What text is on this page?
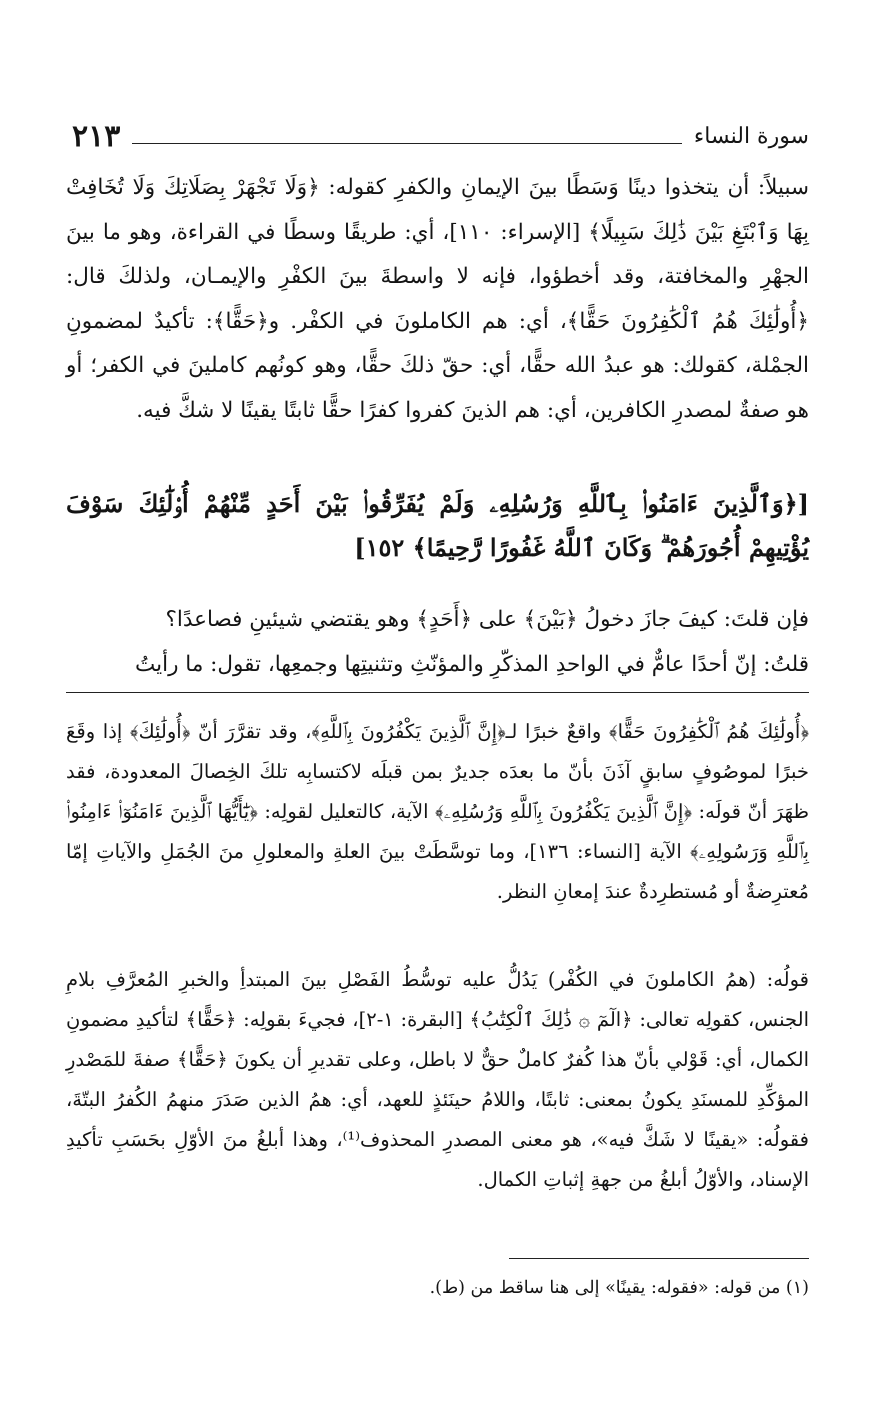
٢١٣	سورة النساء

سبيلاً: أن يتخذوا دينًا وَسَطًا بينَ الإيمانِ والكفرِ كقوله: ﴿وَلَا تَجْهَرْ بِصَلَاتِكَ وَلَا تُخَافِتْ بِهَا وَٱبْتَغِ بَيْنَ ذَٰلِكَ سَبِيلًا﴾ [الإسراء: ١١٠]، أي: طريقًا وسطًا في القراءة، وهو ما بينَ الجهْرِ والمخافتة، وقد أخطؤوا، فإنه لا واسطةَ بينَ الكفْرِ والإيمـان، ولذلكَ قال: ﴿أُولَٰئِكَ هُمُ ٱلْكَٰفِرُونَ حَقًّا﴾، أي: هم الكاملونَ في الكفْر. و﴿حَقًّا﴾: تأكيدٌ لمضمونِ الجمْلة، كقولك: هو عبدُ الله حقًّا، أي: حقّ ذلكَ حقًّا، وهو كونُهم كاملينَ في الكفر؛ أو هو صفةٌ لمصدرِ الكافرين، أي: هم الذينَ كفروا كفرًا حقًّا ثابتًا يقينًا لا شكَّ فيه.

[﴿وَٱلَّذِينَ ءَامَنُوا۟ بِٱللَّهِ وَرُسُلِهِۦ وَلَمْ يُفَرِّقُوا۟ بَيْنَ أَحَدٍ مِّنْهُمْ أُو۟لَٰٓئِكَ سَوْفَ يُؤْتِيهِمْ أُجُورَهُمْ ۗ وَكَانَ ٱللَّهُ غَفُورًا رَّحِيمًا﴾ ١٥٢]

فإن قلتَ: كيفَ جازَ دخولُ ﴿بَيْنَ﴾ على ﴿أَحَدٍ﴾ وهو يقتضي شيئينِ فصاعدًا؟

قلتُ: إنّ أحدًا عامٌّ في الواحدِ المذكّرِ والمؤنّثِ وتثنيتِها وجمعِها، تقول: ما رأيتُ

﴿أُولَٰئِكَ هُمُ ٱلْكَٰفِرُونَ حَقًّا﴾ واقعٌ خبرًا لـ﴿إِنَّ ٱلَّذِينَ يَكْفُرُونَ بِٱللَّهِ﴾، وقد تقرَّرَ أنّ ﴿أُولَٰئِكَ﴾ إذا وقَعَ خبرًا لموصُوفٍ سابقٍ آذَنَ بأنّ ما بعدَه جديرٌ بمن قبلَه لاكتسابِه تلكَ الخِصالَ المعدودة، فقد ظهَرَ أنّ قولَه: ﴿إِنَّ ٱلَّذِينَ يَكْفُرُونَ بِٱللَّهِ وَرُسُلِهِۦ﴾ الآية، كالتعليل لقولِه: ﴿يَٰٓأَيُّهَا ٱلَّذِينَ ءَامَنُوٓا۟ ءَامِنُوا۟ بِٱللَّهِ وَرَسُولِهِۦ﴾ الآية [النساء: ١٣٦]، وما توسَّطَتْ بينَ العلةِ والمعلولِ منَ الجُمَلِ والآياتِ إمّا مُعترِضةٌ أو مُستطرِدةٌ عندَ إمعانِ النظر.

قولُه: (همُ الكاملونَ في الكُفْر) يَدُلُّ عليه توسُّطُ الفَصْلِ بينَ المبتدأِ والخبرِ المُعرَّفِ بلامِ الجنس، كقولِه تعالى: ﴿الٓمٓ ۞ ذَٰلِكَ ٱلْكِتَٰبُ﴾ [البقرة: ١-٢]، فجيءَ بقولِه: ﴿حَقًّا﴾ لتأكيدِ مضمونِ الكمال، أي: قَوْلي بأنّ هذا كُفرٌ كاملٌ حقٌّ لا باطل، وعلى تقديرِ أن يكونَ ﴿حَقًّا﴾ صفةَ للمَصْدرِ المؤكِّدِ للمسنَدِ يكونُ بمعنى: ثابتًا، واللامُ حينَئذٍ للعهد، أي: همُ الذين صَدَرَ منهمُ الكُفرُ البتّةَ، فقولُه: «يقينًا لا شَكَّ فيه»، هو معنى المصدرِ المحذوف⁽¹⁾، وهذا أبلغُ منَ الأوّلِ بحَسَبِ تأكيدِ الإسناد، والأوّلُ أبلغُ من جهةِ إثباتِ الكمال.

(١) من قوله: «فقوله: يقينًا» إلى هنا ساقط من (ط).
